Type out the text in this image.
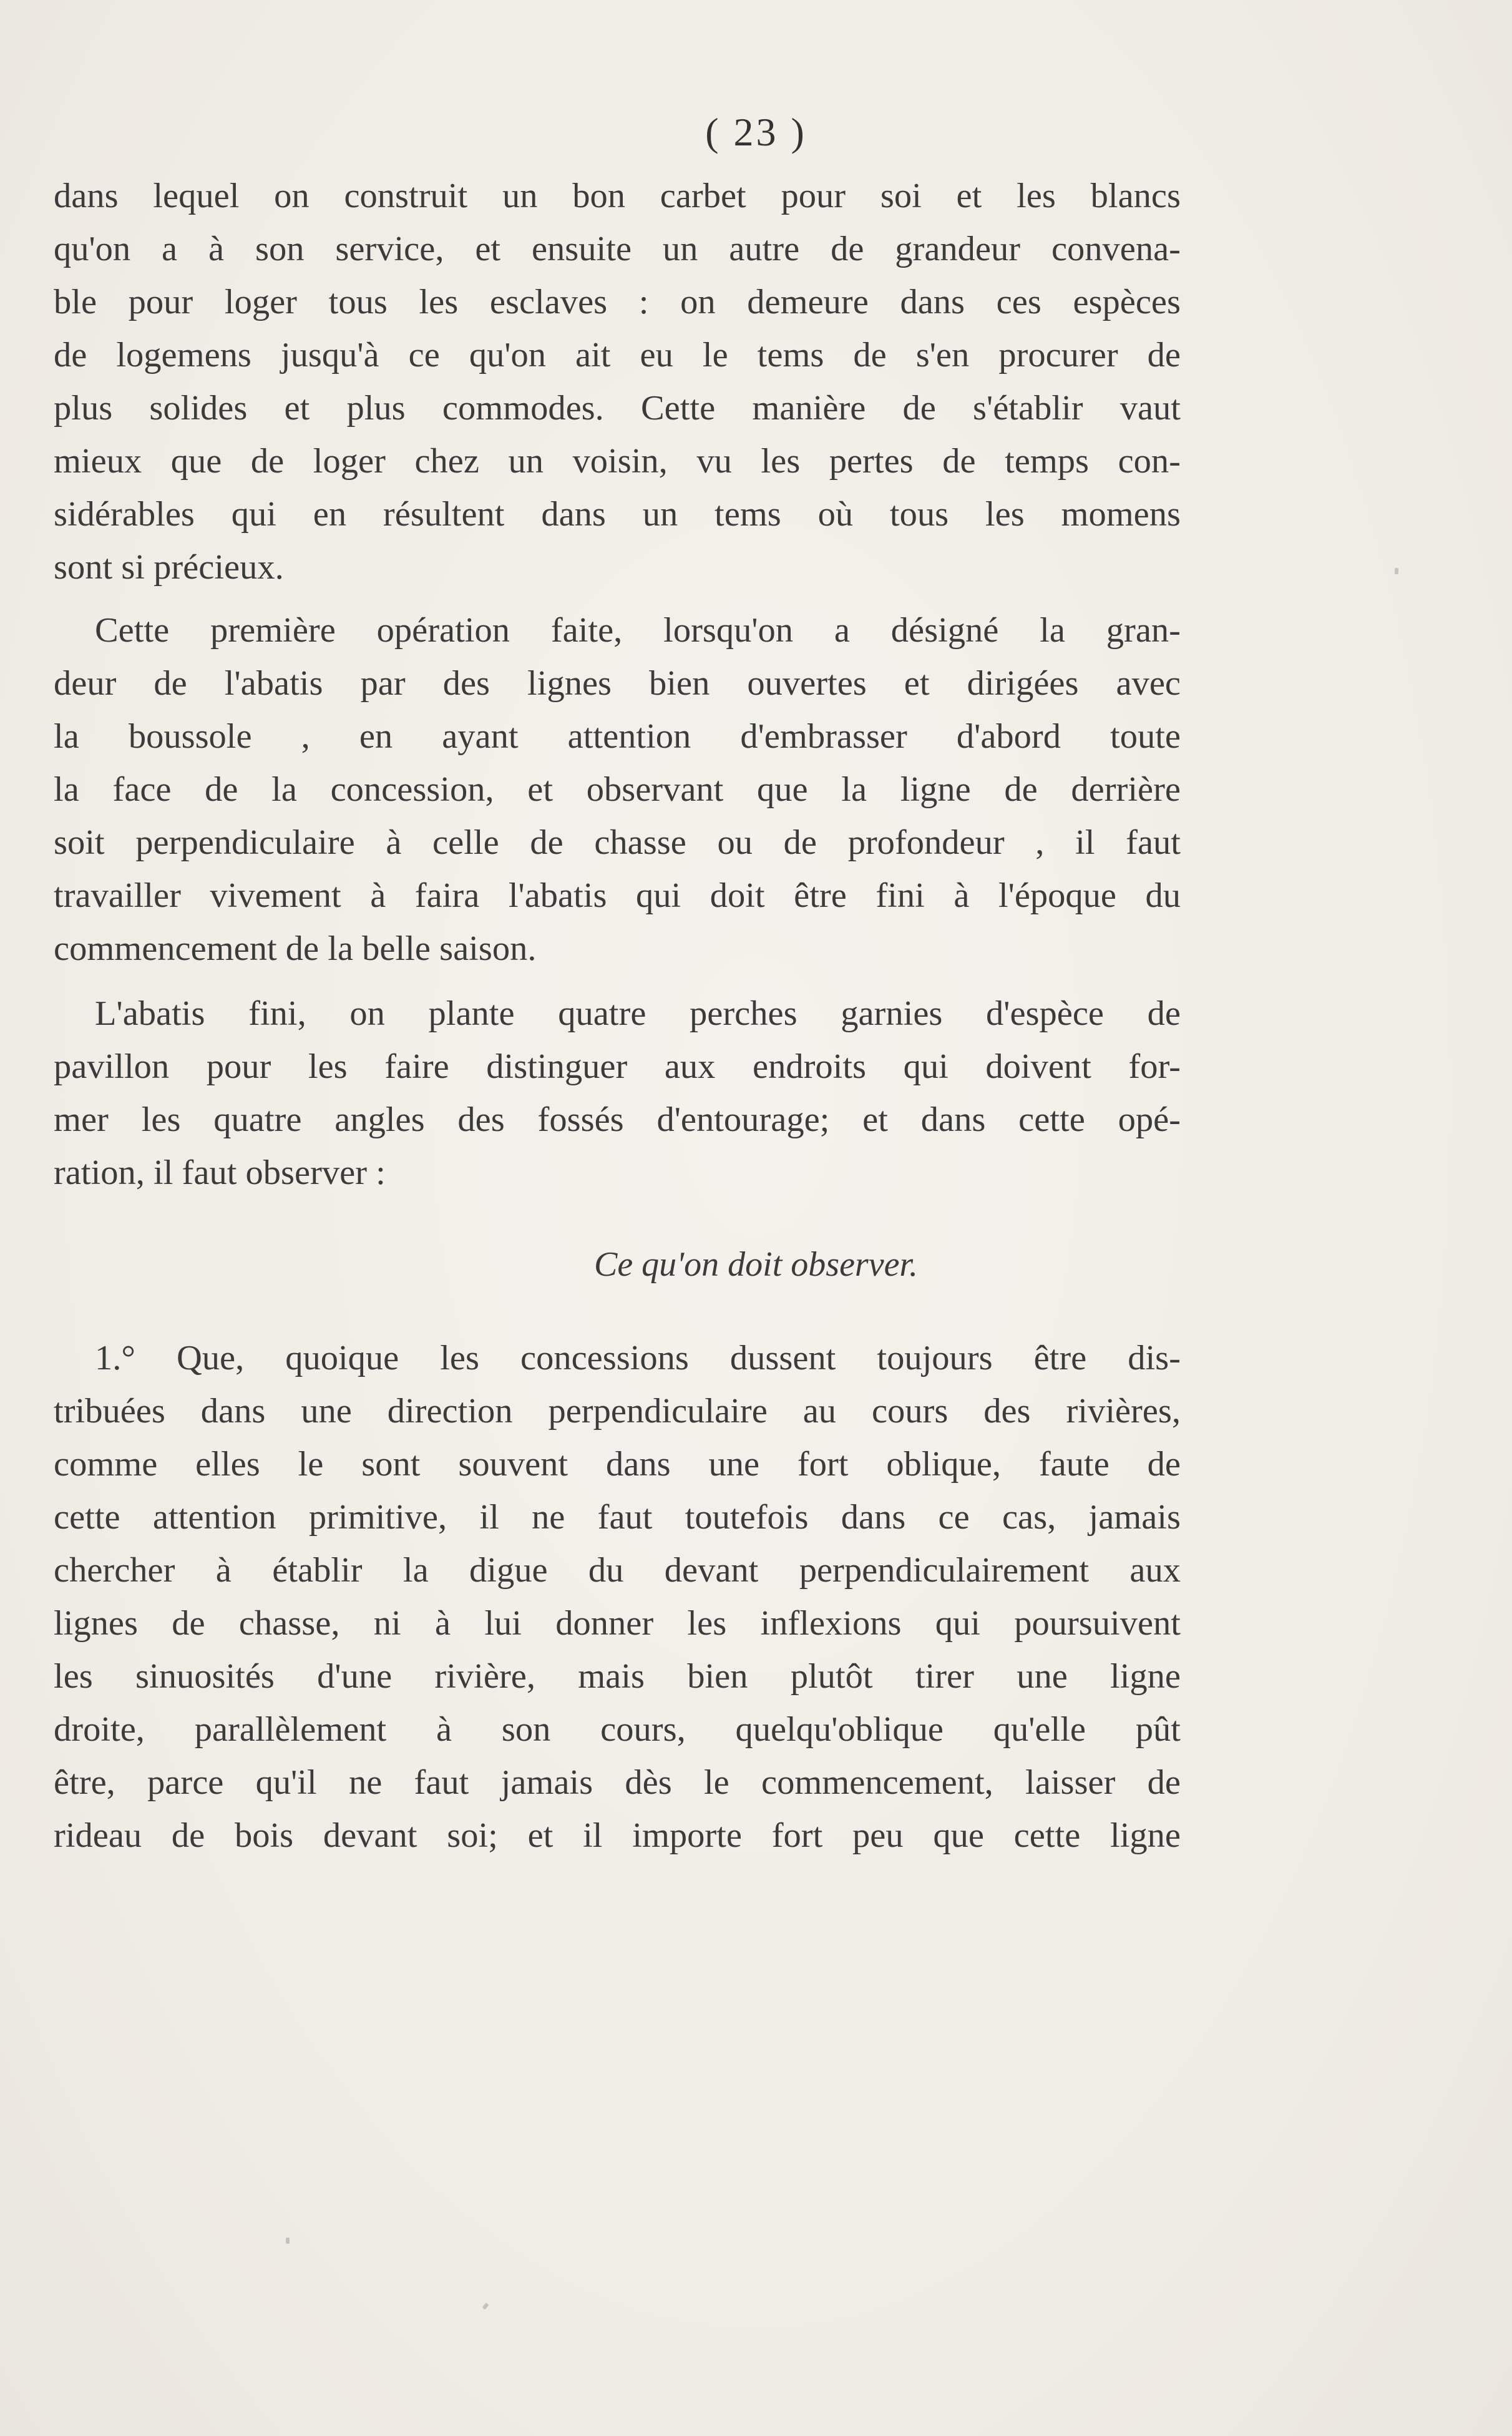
( 23 )
dans lequel on construit un bon carbet pour soi et les blancs
qu'on a à son service, et ensuite un autre de grandeur convena-
ble pour loger tous les esclaves : on demeure dans ces espèces
de logemens jusqu'à ce qu'on ait eu le tems de s'en procurer de
plus solides et plus commodes. Cette manière de s'établir vaut
mieux que de loger chez un voisin, vu les pertes de temps con-
sidérables qui en résultent dans un tems où tous les momens
sont si précieux.
Cette première opération faite, lorsqu'on a désigné la gran-
deur de l'abatis par des lignes bien ouvertes et dirigées avec
la boussole , en ayant attention d'embrasser d'abord toute
la face de la concession, et observant que la ligne de derrière
soit perpendiculaire à celle de chasse ou de profondeur , il faut
travailler vivement à faira l'abatis qui doit être fini à l'époque du
commencement de la belle saison.
L'abatis fini, on plante quatre perches garnies d'espèce de
pavillon pour les faire distinguer aux endroits qui doivent for-
mer les quatre angles des fossés d'entourage; et dans cette opé-
ration, il faut observer :
Ce qu'on doit observer.
1.° Que, quoique les concessions dussent toujours être dis-
tribuées dans une direction perpendiculaire au cours des rivières,
comme elles le sont souvent dans une fort oblique, faute de
cette attention primitive, il ne faut toutefois dans ce cas, jamais
chercher à établir la digue du devant perpendiculairement aux
lignes de chasse, ni à lui donner les inflexions qui poursuivent
les sinuosités d'une rivière, mais bien plutôt tirer une ligne
droite, parallèlement à son cours, quelqu'oblique qu'elle pût
être, parce qu'il ne faut jamais dès le commencement, laisser de
rideau de bois devant soi; et il importe fort peu que cette ligne
